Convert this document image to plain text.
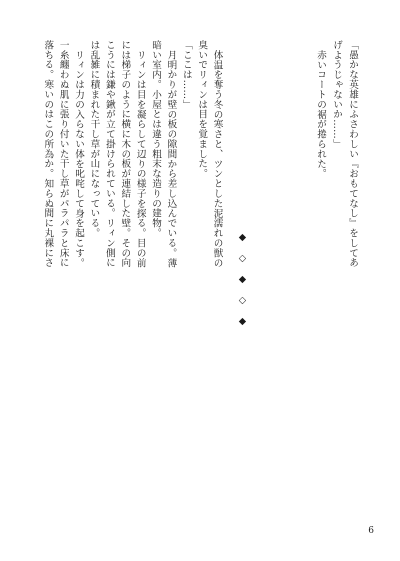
「愚かな英雄にふさわしい『おもてなし』をしてあ
げようじゃないか……」
赤いコートの裾が捲られた。
◆◇◆◇◆
体温を奪う冬の寒さと、ツンとした泥濡れの獣の
臭いでリィンは目を覚ました。
「ここは……」
月明かりが壁の板の隙間から差し込んでいる。薄
暗い室内。小屋とは違う粗末な造りの建物。
リィンは目を凝らして辺りの様子を探る。目の前
には梯子のように横に木の板が連結した壁。その向
こうには鎌や鍬が立て掛けられている。リィン側に
は乱雑に積まれた干し草が山になっている。
リィンは力の入らない体を叱咤して身を起こす。
一糸纏わぬ肌に張り付いた干し草がパラパラと床に
落ちる。寒いのはこの所為か。知らぬ間に丸裸にさ
6
